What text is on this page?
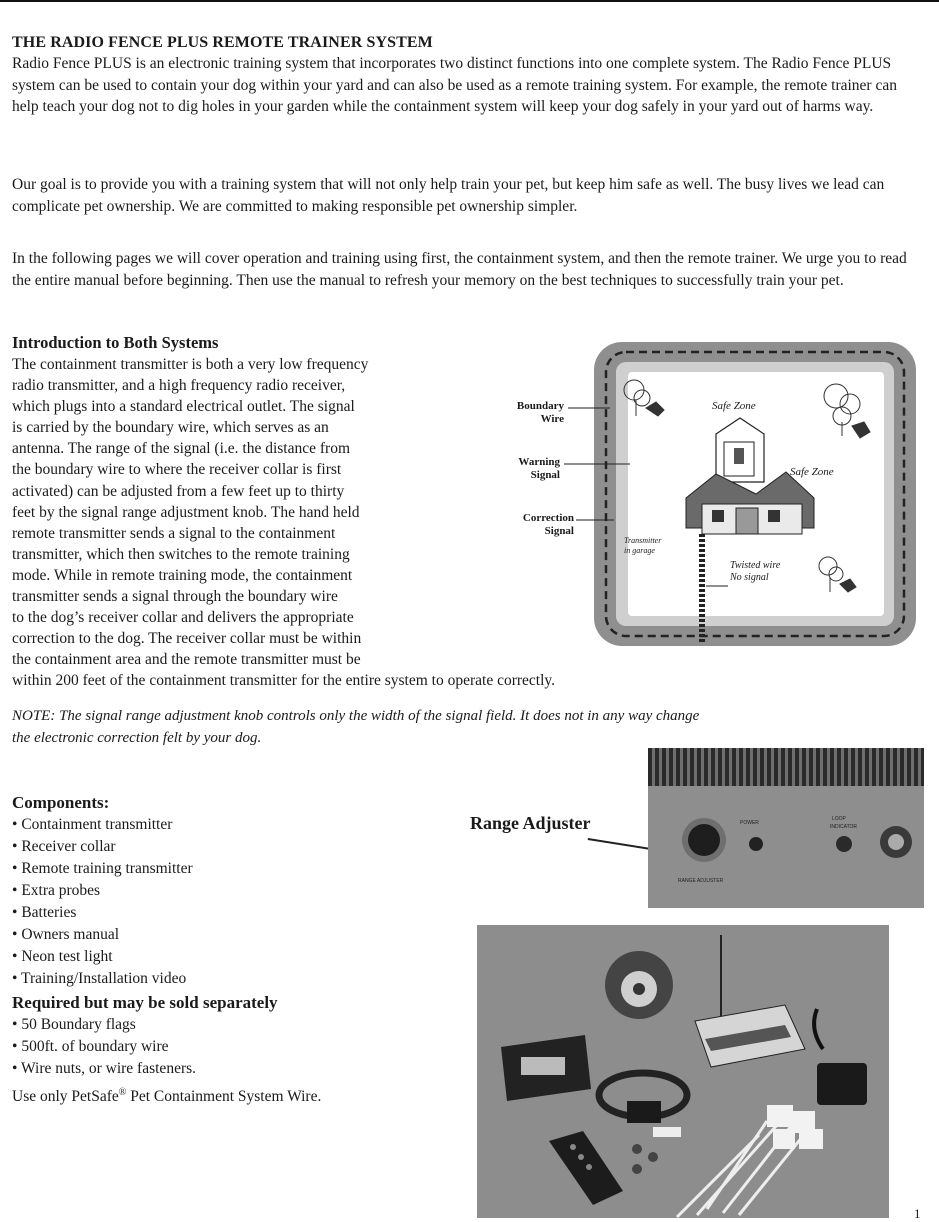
THE RADIO FENCE PLUS REMOTE TRAINER SYSTEM

Radio Fence PLUS is an electronic training system that incorporates two distinct functions into one complete system. The Radio Fence PLUS system can be used to contain your dog within your yard and can also be used as a remote training system. For example, the remote trainer can help teach your dog not to dig holes in your garden while the containment system will keep your dog safely in your yard out of harms way.

Our goal is to provide you with a training system that will not only help train your pet, but keep him safe as well. The busy lives we lead can complicate pet ownership. We are committed to making responsible pet ownership simpler.

In the following pages we will cover operation and training using first, the containment system, and then the remote trainer. We urge you to read the entire manual before beginning. Then use the manual to refresh your memory on the best techniques to successfully train your pet.

Introduction to Both Systems
The containment transmitter is both a very low frequency
radio transmitter, and a high frequency radio receiver,
which plugs into a standard electrical outlet. The signal
is carried by the boundary wire, which serves as an
antenna. The range of the signal (i.e. the distance from
the boundary wire to where the receiver collar is first
activated) can be adjusted from a few feet up to thirty
feet by the signal range adjustment knob. The hand held
remote transmitter sends a signal to the containment
transmitter, which then switches to the remote training
mode. While in remote training mode, the containment
transmitter sends a signal through the boundary wire
to the dog’s receiver collar and delivers the appropriate
correction to the dog. The receiver collar must be within
the containment area and the remote transmitter must be
within 200 feet of the containment transmitter for the entire system to operate correctly.
Boundary
Wire
Warning
Signal
Correction
Signal
Safe Zone
Safe Zone
Transmitter
in garage
Twisted wire
No signal
NOTE: The signal range adjustment knob controls only the width of the signal field. It does not in any way change
the electronic correction felt by your dog.
Components:
• Containment transmitter
• Receiver collar
• Remote training transmitter
• Extra probes
• Batteries
• Owners manual
• Neon test light
• Training/Installation video
Required but may be sold separately
• 50 Boundary flags
• 500ft. of boundary wire
• Wire nuts, or wire fasteners.

Use only PetSafe® Pet Containment System Wire.

Range Adjuster	POWER
LOOP
INDICATOR
RANGE ADJUSTER
1
